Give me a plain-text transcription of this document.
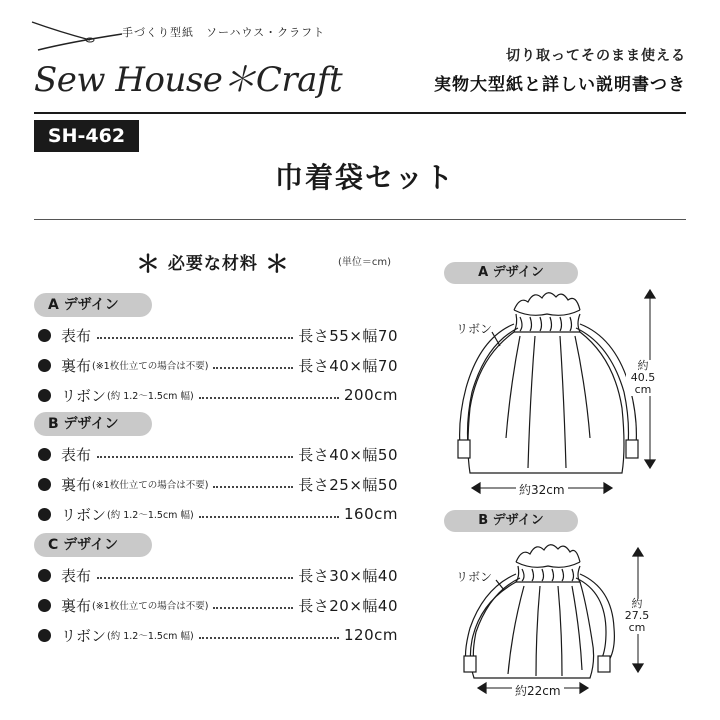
手づくり型紙　ソーハウス・クラフト
Sew House＊Craft
切り取ってそのまま使える
実物大型紙と詳しい説明書つき
SH-462
巾着袋セット
＊ 必要な材料 ＊	(単位＝cm)
A デザイン
表布	長さ55×幅70
裏布 (※1枚仕立ての場合は不要)	長さ40×幅70
リボン (約 1.2～1.5cm 幅)	200cm
B デザイン
表布	長さ40×幅50
裏布 (※1枚仕立ての場合は不要)	長さ25×幅50
リボン (約 1.2～1.5cm 幅)	160cm
C デザイン
表布	長さ30×幅40
裏布 (※1枚仕立ての場合は不要)	長さ20×幅40
リボン (約 1.2～1.5cm 幅)	120cm
A デザイン
リボン
約
40.5
cm
約32cm
B デザイン
リボン
約
27.5
cm
約22cm
